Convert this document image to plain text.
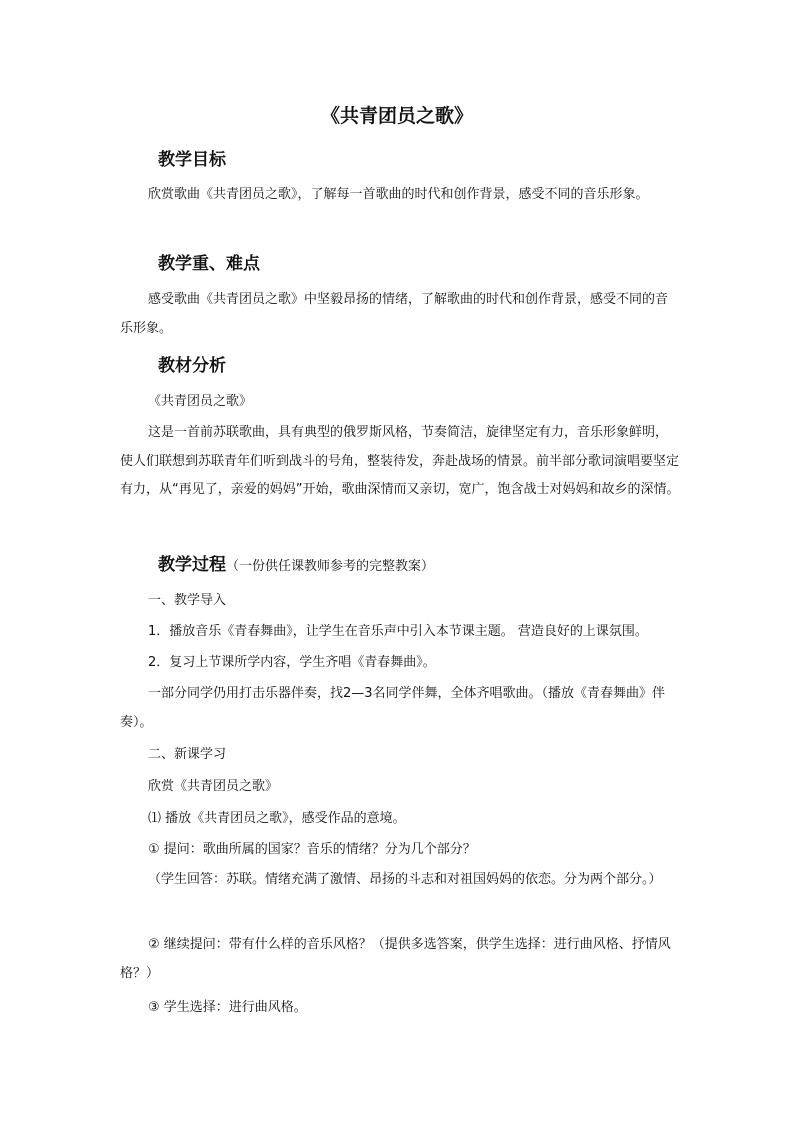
《共青团员之歌》
教学目标
欣赏歌曲《共青团员之歌》，了解每一首歌曲的时代和创作背景，感受不同的音乐形象。
教学重、难点
感受歌曲《共青团员之歌》中坚毅昂扬的情绪，了解歌曲的时代和创作背景，感受不同的音乐形象。
教材分析
《共青团员之歌》
这是一首前苏联歌曲，具有典型的俄罗斯风格，节奏简洁，旋律坚定有力，音乐形象鲜明，使人们联想到苏联青年们听到战斗的号角，整装待发，奔赴战场的情景。前半部分歌词演唱要坚定有力，从“再见了，亲爱的妈妈”开始，歌曲深情而又亲切，宽广，饱含战士对妈妈和故乡的深情。
教学过程（一份供任课教师参考的完整教案）
一、教学导入
1．播放音乐《青春舞曲》，让学生在音乐声中引入本节课主题。 营造良好的上课氛围。
2．复习上节课所学内容，学生齐唱《青春舞曲》。
一部分同学仍用打击乐器伴奏，找2—3名同学伴舞，全体齐唱歌曲。（播放《青春舞曲》伴奏）。
二、新课学习
欣赏《共青团员之歌》
⑴ 播放《共青团员之歌》，感受作品的意境。
① 提问：歌曲所属的国家？音乐的情绪？分为几个部分？
（学生回答：苏联。情绪充满了激情、昂扬的斗志和对祖国妈妈的依恋。分为两个部分。）
② 继续提问：带有什么样的音乐风格？（提供多选答案，供学生选择：进行曲风格、抒情风格？）
③ 学生选择：进行曲风格。
